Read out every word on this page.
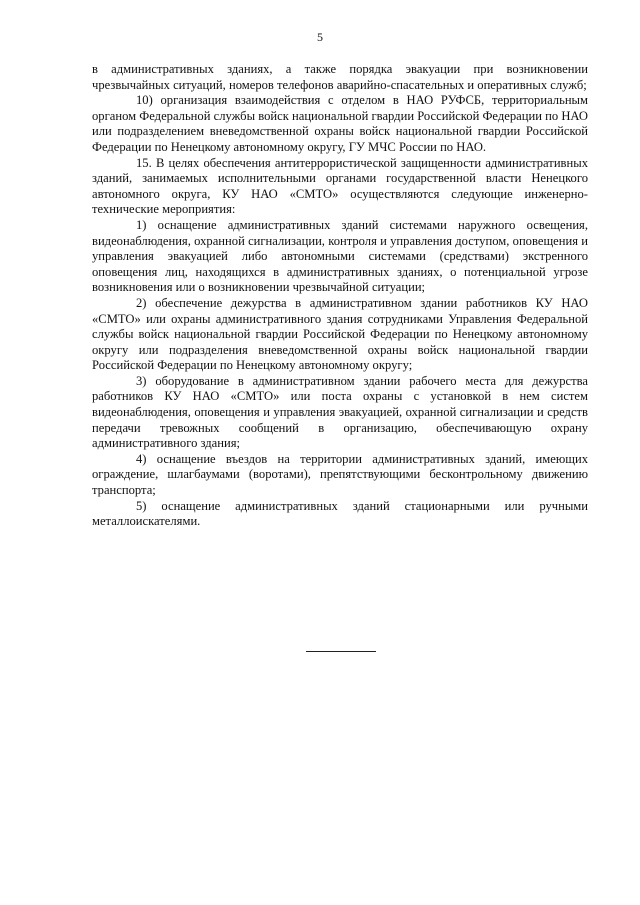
5

в административных зданиях, а также порядка эвакуации при возникновении чрезвычайных ситуаций, номеров телефонов аварийно-спасательных и оперативных служб;

10) организация взаимодействия с отделом в НАО РУФСБ, территориальным органом Федеральной службы войск национальной гвардии Российской Федерации по НАО или подразделением вневедомственной охраны войск национальной гвардии Российской Федерации по Ненецкому автономному округу, ГУ МЧС России по НАО.

15. В целях обеспечения антитеррористической защищенности административных зданий, занимаемых исполнительными органами государственной власти Ненецкого автономного округа, КУ НАО «СМТО» осуществляются следующие инженерно-технические мероприятия:

1) оснащение административных зданий системами наружного освещения, видеонаблюдения, охранной сигнализации, контроля и управления доступом, оповещения и управления эвакуацией либо автономными системами (средствами) экстренного оповещения лиц, находящихся в административных зданиях, о потенциальной угрозе возникновения или о возникновении чрезвычайной ситуации;

2) обеспечение дежурства в административном здании работников КУ НАО «СМТО» или охраны административного здания сотрудниками Управления Федеральной службы войск национальной гвардии Российской Федерации по Ненецкому автономному округу или подразделения вневедомственной охраны войск национальной гвардии Российской Федерации по Ненецкому автономному округу;

3) оборудование в административном здании рабочего места для дежурства работников КУ НАО «СМТО» или поста охраны с установкой в нем систем видеонаблюдения, оповещения и управления эвакуацией, охранной сигнализации и средств передачи тревожных сообщений в организацию, обеспечивающую охрану административного здания;

4) оснащение въездов на территории административных зданий, имеющих ограждение, шлагбаумами (воротами), препятствующими бесконтрольному движению транспорта;

5) оснащение административных зданий стационарными или ручными металлоискателями.
